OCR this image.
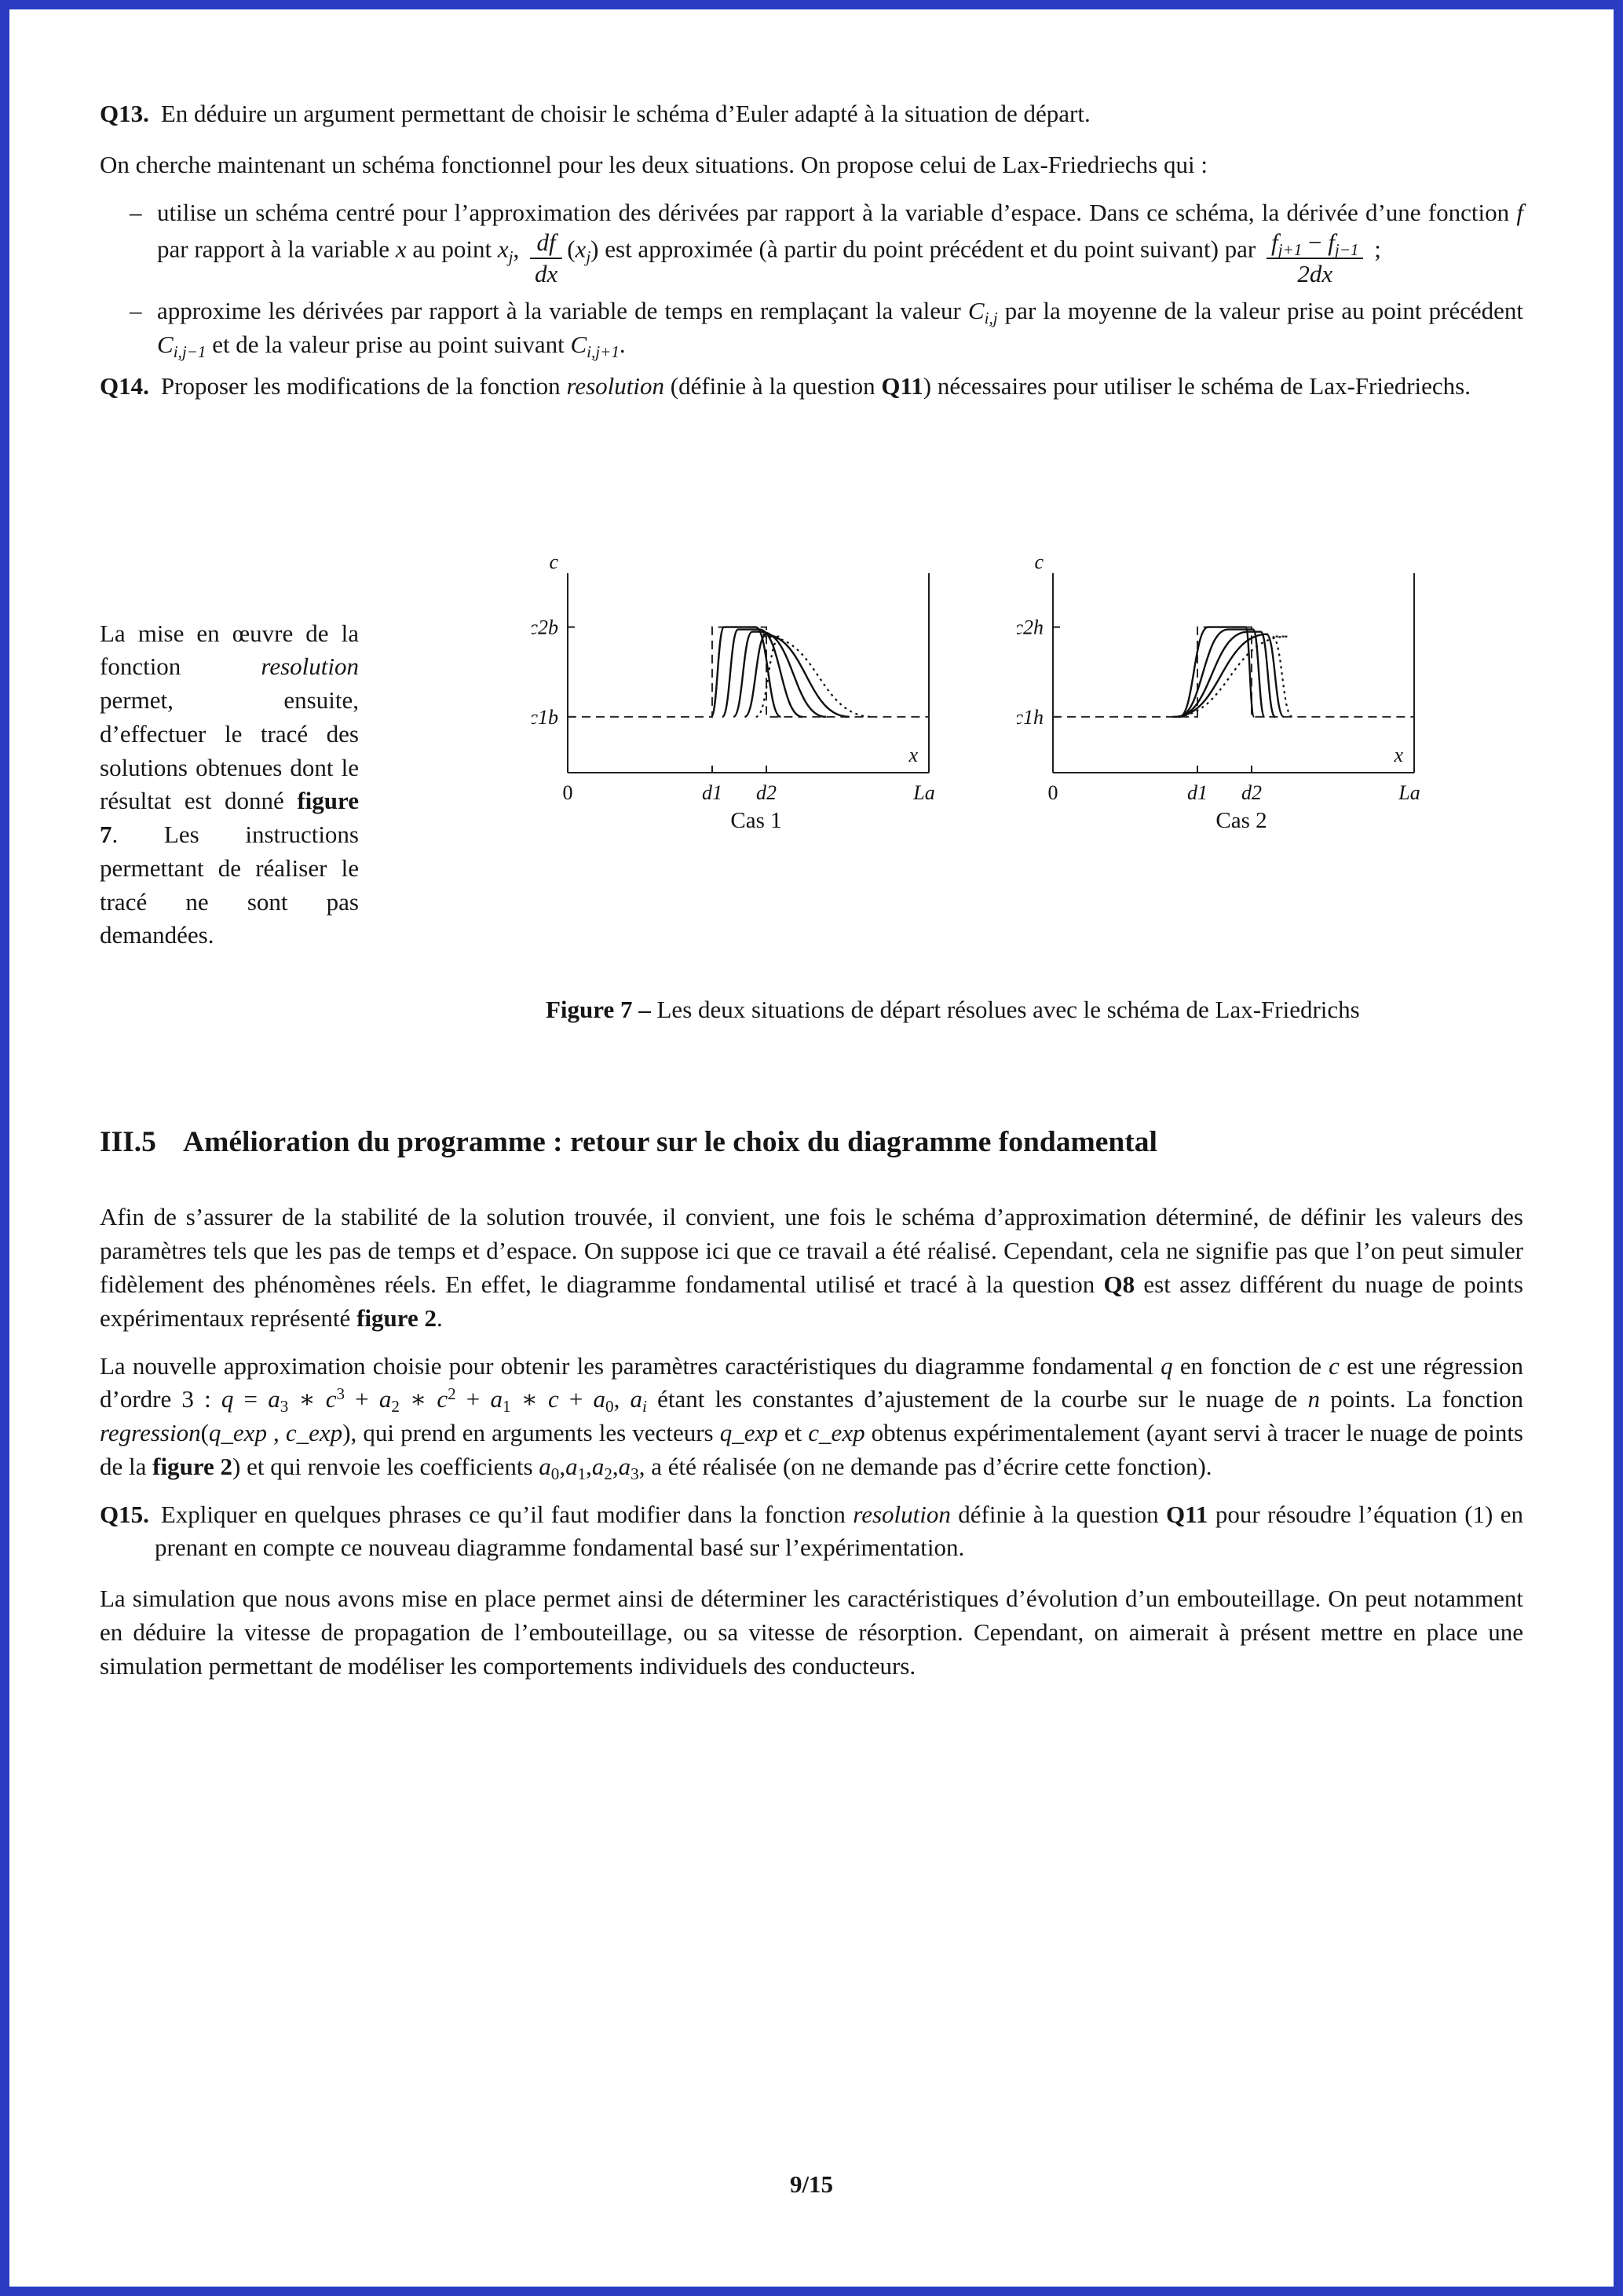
Q13. En déduire un argument permettant de choisir le schéma d’Euler adapté à la situation de départ.

On cherche maintenant un schéma fonctionnel pour les deux situations. On propose celui de Lax-Friedriechs qui :

– utilise un schéma centré pour l’approximation des dérivées par rapport à la variable d’espace. Dans ce schéma, la dérivée d’une fonction f par rapport à la variable x au point $x_j$, $\frac{df}{dx} (x_j)$ est approximée (à partir du point précédent et du point suivant) par $\frac{f_{j+1} - f_{j-1}}{2dx}$ ;
– approxime les dérivées par rapport à la variable de temps en remplaçant la valeur $C_{i,j}$ par la moyenne de la valeur prise au point précédent $C_{i,j-1}$ et de la valeur prise au point suivant $C_{i,j+1}$.

Q14. Proposer les modifications de la fonction resolution (définie à la question Q11) nécessaires pour utiliser le schéma de Lax-Friedriechs.

La mise en œuvre de la fonction resolution permet, ensuite, d’effectuer le tracé des solutions obtenues dont le résultat est donné figure 7. Les instructions permettant de réaliser le tracé ne sont pas demandées.
c
c2b
c1b
x
0	d1 d2	La
Cas 1
c
c2h
c1h
x
0	d1 d2	La
Cas 2

Figure 7 – Les deux situations de départ résolues avec le schéma de Lax-Friedrichs

III.5 Amélioration du programme : retour sur le choix du diagramme fondamental

Afin de s’assurer de la stabilité de la solution trouvée, il convient, une fois le schéma d’approximation déterminé, de définir les valeurs des paramètres tels que les pas de temps et d’espace. On suppose ici que ce travail a été réalisé. Cependant, cela ne signifie pas que l’on peut simuler fidèlement des phénomènes réels. En effet, le diagramme fondamental utilisé et tracé à la question Q8 est assez différent du nuage de points expérimentaux représenté figure 2.

La nouvelle approximation choisie pour obtenir les paramètres caractéristiques du diagramme fondamental q en fonction de c est une régression d’ordre 3 : $q = a_3$ ∗ $c^3 + a_2$ ∗ $c^2 + a_1$ ∗ $c + a_0$, $a_i$ étant les constantes d’ajustement de la courbe sur le nuage de n points. La fonction regression(q_exp , c_exp), qui prend en arguments les vecteurs q_exp et c_exp obtenus expérimentalement (ayant servi à tracer le nuage de points de la figure 2) et qui renvoie les coefficients $a_0,a_1,a_2,a_3$, a été réalisée (on ne demande pas d’écrire cette fonction).

Q15. Expliquer en quelques phrases ce qu’il faut modifier dans la fonction resolution définie à la question Q11 pour résoudre l’équation (1) en prenant en compte ce nouveau diagramme fondamental basé sur l’expérimentation.

La simulation que nous avons mise en place permet ainsi de déterminer les caractéristiques d’évolution d’un embouteillage. On peut notamment en déduire la vitesse de propagation de l’embouteillage, ou sa vitesse de résorption. Cependant, on aimerait à présent mettre en place une simulation permettant de modéliser les comportements individuels des conducteurs.

9/15
